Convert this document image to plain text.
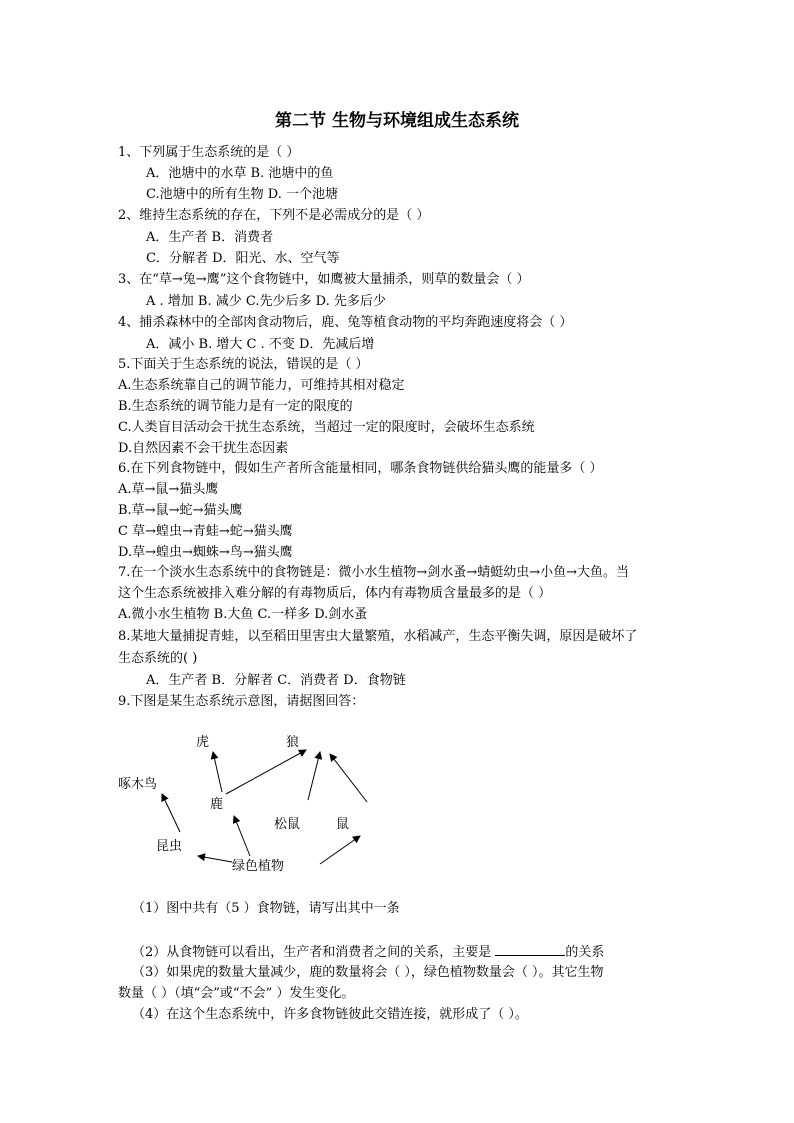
第二节 生物与环境组成生态系统
1、下列属于生态系统的是（ ）
A．池塘中的水草 B. 池塘中的鱼
C.池塘中的所有生物 D. 一个池塘
2、维持生态系统的存在，下列不是必需成分的是（ ）
A．生产者 B．消费者
C．分解者 D．阳光、水、空气等
3、在“草→兔→鹰”这个食物链中，如鹰被大量捕杀，则草的数量会（ ）
A . 增加 B. 减少 C.先少后多 D. 先多后少
4、捕杀森林中的全部肉食动物后，鹿、兔等植食动物的平均奔跑速度将会（ ）
A．减小 B. 增大 C . 不变 D．先减后增
5.下面关于生态系统的说法，错误的是（ ）
A.生态系统靠自己的调节能力，可维持其相对稳定
B.生态系统的调节能力是有一定的限度的
C.人类盲目活动会干扰生态系统，当超过一定的限度时，会破坏生态系统
D.自然因素不会干扰生态因素
6.在下列食物链中，假如生产者所含能量相同，哪条食物链供给猫头鹰的能量多（ ）
A.草→鼠→猫头鹰
B.草→鼠→蛇→猫头鹰
C 草→蝗虫→青蛙→蛇→猫头鹰
D.草→蝗虫→蜘蛛→鸟→猫头鹰
7.在一个淡水生态系统中的食物链是：微小水生植物→剑水蚤→蜻蜓幼虫→小鱼→大鱼。当
这个生态系统被排入难分解的有毒物质后，体内有毒物质含量最多的是（ ）
A.微小水生植物 B.大鱼 C.一样多 D.剑水蚤
8.某地大量捕捉青蛙，以至稻田里害虫大量繁殖，水稻减产，生态平衡失调，原因是破坏了
生态系统的( )
A．生产者 B．分解者 C．消费者 D．食物链
9.下图是某生态系统示意图，请据图回答：
虎	狼
啄木鸟
鹿
松鼠	鼠
昆虫
绿色植物
（1）图中共有（5 ）食物链，请写出其中一条
（2）从食物链可以看出，生产者和消费者之间的关系，主要是	的关系
（3）如果虎的数量大量减少，鹿的数量将会（ ），绿色植物数量会（ ）。其它生物
数量（ ）（填“会”或“不会” ）发生变化。
（4）在这个生态系统中，许多食物链彼此交错连接，就形成了（ ）。
